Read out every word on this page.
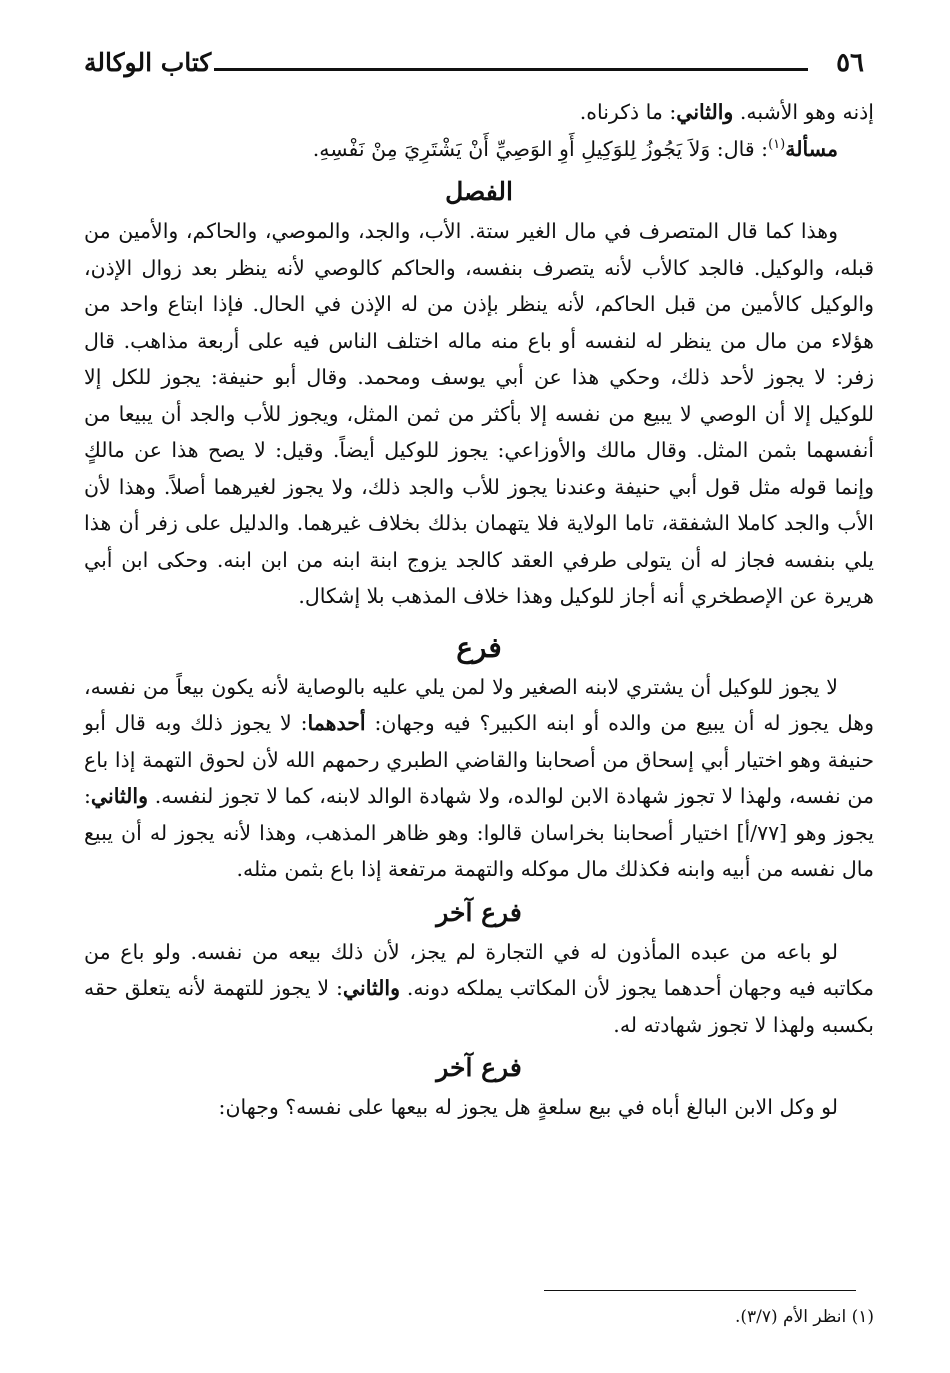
٥٦
كتاب الوكالة

إذنه وهو الأشبه. والثاني: ما ذكرناه.

مسألة$^{(١)}$: قال: وَلاَ يَجُوزُ لِلوَكِيلِ أَوِ الوَصِيِّ أَنْ يَشْتَرِيَ مِنْ نَفْسِهِ.

الفصل

وهذا كما قال المتصرف في مال الغير ستة. الأب، والجد، والموصي، والحاكم، والأمين من قبله، والوكيل. فالجد كالأب لأنه يتصرف بنفسه، والحاكم كالوصي لأنه ينظر بعد زوال الإذن، والوكيل كالأمين من قبل الحاكم، لأنه ينظر بإذن من له الإذن في الحال. فإذا ابتاع واحد من هؤلاء من مال من ينظر له لنفسه أو باع منه ماله اختلف الناس فيه على أربعة مذاهب. قال زفر: لا يجوز لأحد ذلك، وحكي هذا عن أبي يوسف ومحمد. وقال أبو حنيفة: يجوز للكل إلا للوكيل إلا أن الوصي لا يبيع من نفسه إلا بأكثر من ثمن المثل، ويجوز للأب والجد أن يبيعا من أنفسهما بثمن المثل. وقال مالك والأوزاعي: يجوز للوكيل أيضاً. وقيل: لا يصح هذا عن مالكٍ وإنما قوله مثل قول أبي حنيفة وعندنا يجوز للأب والجد ذلك، ولا يجوز لغيرهما أصلاً. وهذا لأن الأب والجد كاملا الشفقة، تاما الولاية فلا يتهمان بذلك بخلاف غيرهما. والدليل على زفر أن هذا يلي بنفسه فجاز له أن يتولى طرفي العقد كالجد يزوج ابنة ابنه من ابن ابنه. وحكى ابن أبي هريرة عن الإصطخري أنه أجاز للوكيل وهذا خلاف المذهب بلا إشكال.

فرع

لا يجوز للوكيل أن يشتري لابنه الصغير ولا لمن يلي عليه بالوصاية لأنه يكون بيعاً من نفسه، وهل يجوز له أن يبيع من والده أو ابنه الكبير؟ فيه وجهان: أحدهما: لا يجوز ذلك وبه قال أبو حنيفة وهو اختيار أبي إسحاق من أصحابنا والقاضي الطبري رحمهم الله لأن لحوق التهمة إذا باع من نفسه، ولهذا لا تجوز شهادة الابن لوالده، ولا شهادة الوالد لابنه، كما لا تجوز لنفسه. والثاني: يجوز وهو [٧٧/أ] اختيار أصحابنا بخراسان قالوا: وهو ظاهر المذهب، وهذا لأنه يجوز له أن يبيع مال نفسه من أبيه وابنه فكذلك مال موكله والتهمة مرتفعة إذا باع بثمن مثله.

فرع آخر

لو باعه من عبده المأذون له في التجارة لم يجز، لأن ذلك بيعه من نفسه. ولو باع من مكاتبه فيه وجهان أحدهما يجوز لأن المكاتب يملكه دونه. والثاني: لا يجوز للتهمة لأنه يتعلق حقه بكسبه ولهذا لا تجوز شهادته له.

فرع آخر

لو وكل الابن البالغ أباه في بيع سلعةٍ هل يجوز له بيعها على نفسه؟ وجهان:

(١) انظر الأم (٣/٧).
